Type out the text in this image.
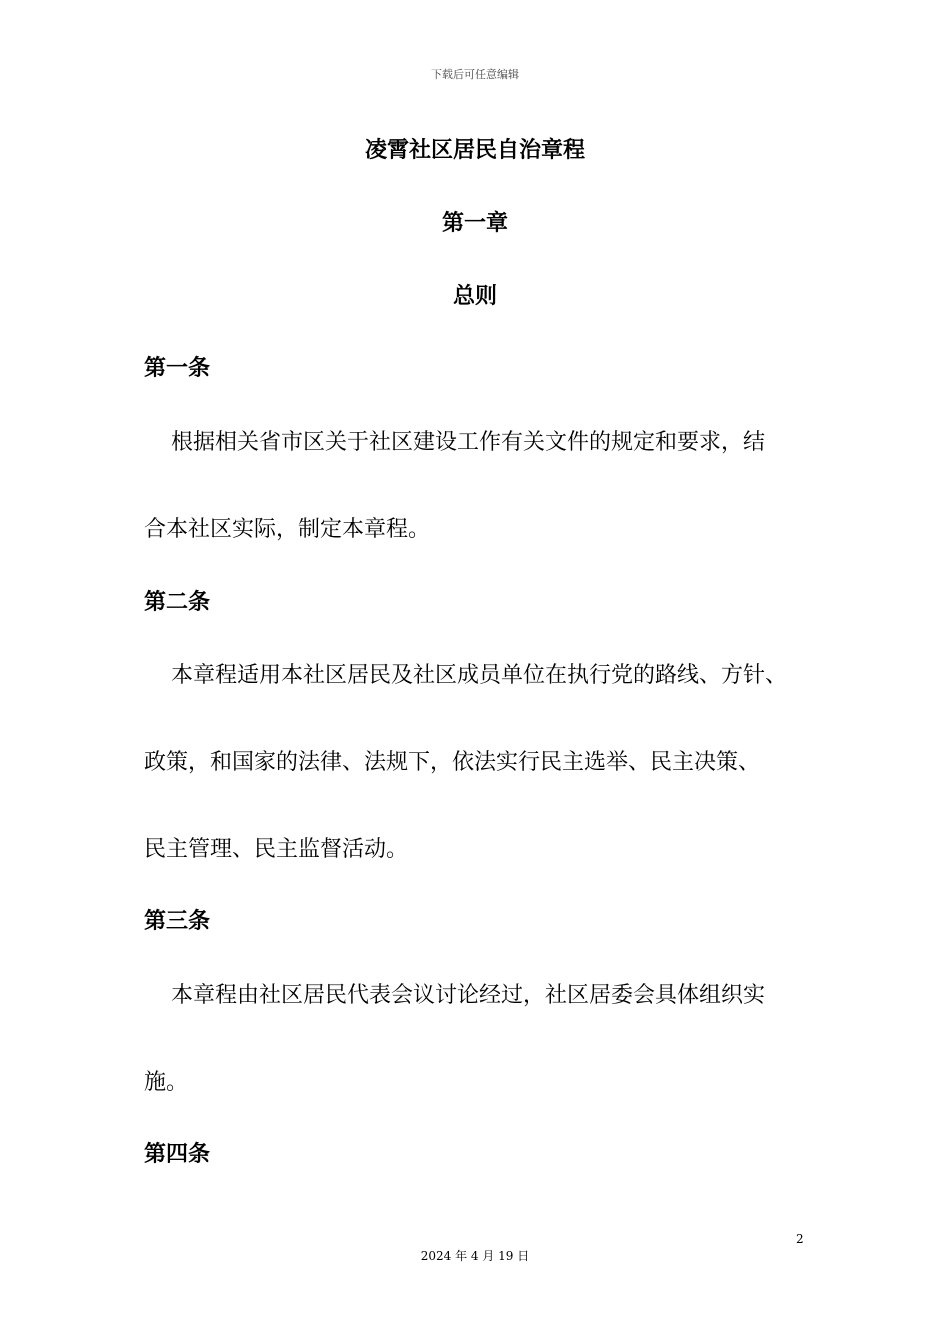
下载后可任意编辑
凌霄社区居民自治章程
第一章
总则
第一条
根据相关省市区关于社区建设工作有关文件的规定和要求，结
合本社区实际，制定本章程。
第二条
本章程适用本社区居民及社区成员单位在执行党的路线、方针、
政策，和国家的法律、法规下，依法实行民主选举、民主决策、
民主管理、民主监督活动。
第三条
本章程由社区居民代表会议讨论经过，社区居委会具体组织实
施。
第四条
2
2024 年 4 月 19 日
